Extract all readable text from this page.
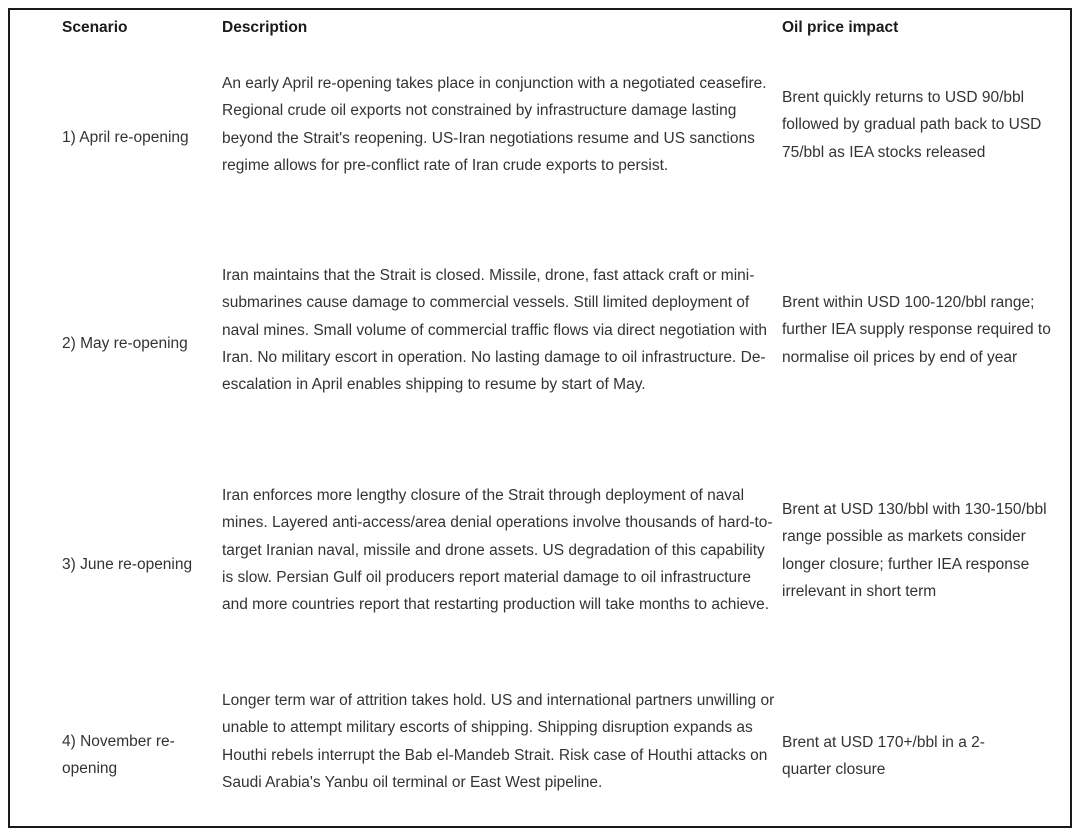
Scenario	Description	Oil price impact
1) April re-opening
An early April re-opening takes place in conjunction with a negotiated ceasefire. Regional crude oil exports not constrained by infrastructure damage lasting beyond the Strait's reopening. US-Iran negotiations resume and US sanctions regime allows for pre-conflict rate of Iran crude exports to persist.
Brent quickly returns to USD 90/bbl followed by gradual path back to USD 75/bbl as IEA stocks released
2) May re-opening
Iran maintains that the Strait is closed. Missile, drone, fast attack craft or mini-submarines cause damage to commercial vessels. Still limited deployment of naval mines. Small volume of commercial traffic flows via direct negotiation with Iran. No military escort in operation. No lasting damage to oil infrastructure. De-escalation in April enables shipping to resume by start of May.
Brent within USD 100-120/bbl range; further IEA supply response required to normalise oil prices by end of year
3) June re-opening
Iran enforces more lengthy closure of the Strait through deployment of naval mines. Layered anti-access/area denial operations involve thousands of hard-to-target Iranian naval, missile and drone assets. US degradation of this capability is slow. Persian Gulf oil producers report material damage to oil infrastructure and more countries report that restarting production will take months to achieve.
Brent at USD 130/bbl with 130-150/bbl range possible as markets consider longer closure; further IEA response irrelevant in short term
4) November re-opening
Longer term war of attrition takes hold. US and international partners unwilling or unable to attempt military escorts of shipping. Shipping disruption expands as Houthi rebels interrupt the Bab el-Mandeb Strait. Risk case of Houthi attacks on Saudi Arabia's Yanbu oil terminal or East West pipeline.
Brent at USD 170+/bbl in a 2-quarter closure
